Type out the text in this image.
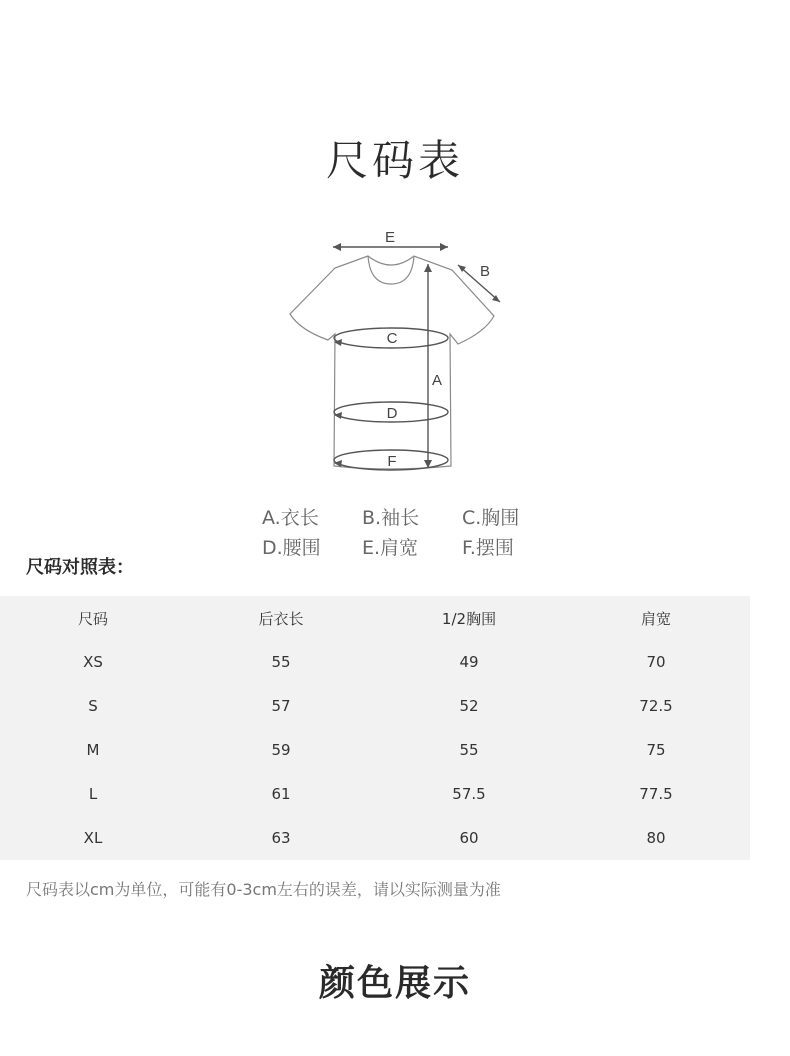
尺码表
E
B
A
C
D
F
A.衣长	B.袖长	C.胸围
D.腰围	E.肩宽	F.摆围
尺码对照表：
尺码	后衣长	1/2胸围	肩宽
XS	55	49	70
S	57	52	72.5
M	59	55	75
L	61	57.5	77.5
XL	63	60	80
尺码表以cm为单位，可能有0-3cm左右的误差，请以实际测量为准
颜色展示
